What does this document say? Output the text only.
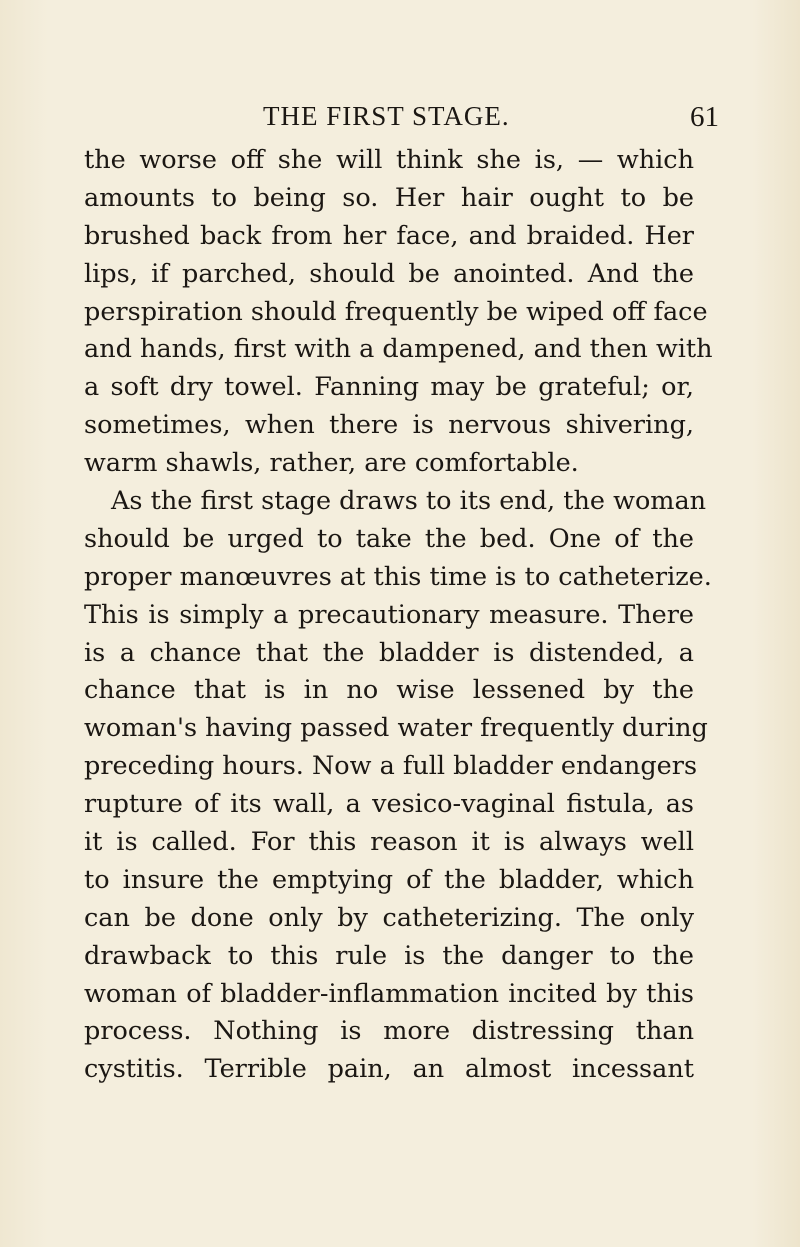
THE FIRST STAGE.	61
the worse off she will think she is, — which
amounts to being so. Her hair ought to be
brushed back from her face, and braided. Her
lips, if parched, should be anointed. And the
perspiration should frequently be wiped off face
and hands, first with a dampened, and then with
a soft dry towel. Fanning may be grateful; or,
sometimes, when there is nervous shivering,
warm shawls, rather, are comfortable.
As the first stage draws to its end, the woman
should be urged to take the bed. One of the
proper manœuvres at this time is to catheterize.
This is simply a precautionary measure. There
is a chance that the bladder is distended, a
chance that is in no wise lessened by the
woman's having passed water frequently during
preceding hours. Now a full bladder endangers
rupture of its wall, a vesico-vaginal fistula, as
it is called. For this reason it is always well
to insure the emptying of the bladder, which
can be done only by catheterizing. The only
drawback to this rule is the danger to the
woman of bladder-inflammation incited by this
process. Nothing is more distressing than
cystitis. Terrible pain, an almost incessant
